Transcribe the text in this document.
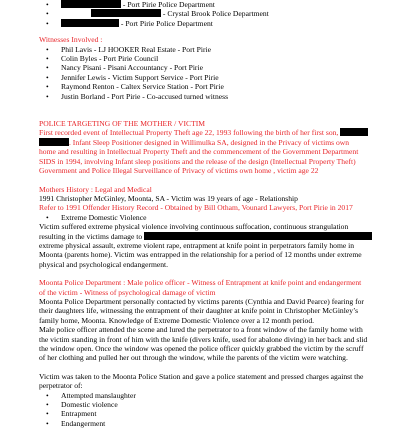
• - Port Pirie Police Department
• - Crystal Brook Police Department
• - Port Pirie Police Department
Witnesses Involved :
• Phil Lavis - LJ HOOKER Real Estate - Port Pirie
• Colin Byles - Port Pirie Council
• Nancy Pisani - Pisani Accountancy - Port Pirie
• Jennifer Lewis - Victim Support Service - Port Pirie
• Raymond Renton - Caltex Service Station - Port Pirie
• Justin Borland - Port Pirie - Co-accused turned witness
POLICE TARGETING OF THE MOTHER / VICTIM
First recorded event of Intellectual Property Theft age 22, 1993 following the birth of her first son,
. Infant Sleep Positioner designed in Willimulka SA, designed in the Privacy of victims own
home and resulting in Intellectual Property Theft and the commencement of the Government Department
SIDS in 1994, involving Infant sleep positions and the release of the design (Intellectual Property Theft)
Government and Police Illegal Surveillance of Privacy of victims own home , victim age 22
Mothers History : Legal and Medical
1991 Christopher McGinley, Moonta, SA - Victim was 19 years of age - Relationship
Refer to 1991 Offender History Record - Obtained by Bill Otham, Vounard Lawyers, Port Pirie in 2017
• Extreme Domestic Violence
Victim suffered extreme physical violence involving continuous suffocation, continuous strangulation
resulting in the victims damage to
extreme physical assault, extreme violent rape, entrapment at knife point in perpetrators family home in
Moonta (parents home). Victim was entrapped in the relationship for a period of 12 months under extreme
physical and psychological endangerment.
Moonta Police Department : Male police officer - Witness of Entrapment at knife point and endangerment
of the victim - Witness of psychological damage of victim
Moonta Police Department personally contacted by victims parents (Cynthia and David Pearce) fearing for
their daughters life, witnessing the entrapment of their daughter at knife point in Christopher McGinley’s
family home, Moonta. Knowledge of Extreme Domestic Violence over a 12 month period.
Male police officer attended the scene and lured the perpetrator to a front window of the family home with
the victim standing in front of him with the knife (divers knife, used for abalone diving) in her back and slid
the window open. Once the window was opened the police officer quickly grabbed the victim by the scruff
of her clothing and pulled her out through the window, while the parents of the victim were watching.
Victim was taken to the Moonta Police Station and gave a police statement and pressed charges against the
perpetrator of:
• Attempted manslaughter
• Domestic violence
• Entrapment
• Endangerment
